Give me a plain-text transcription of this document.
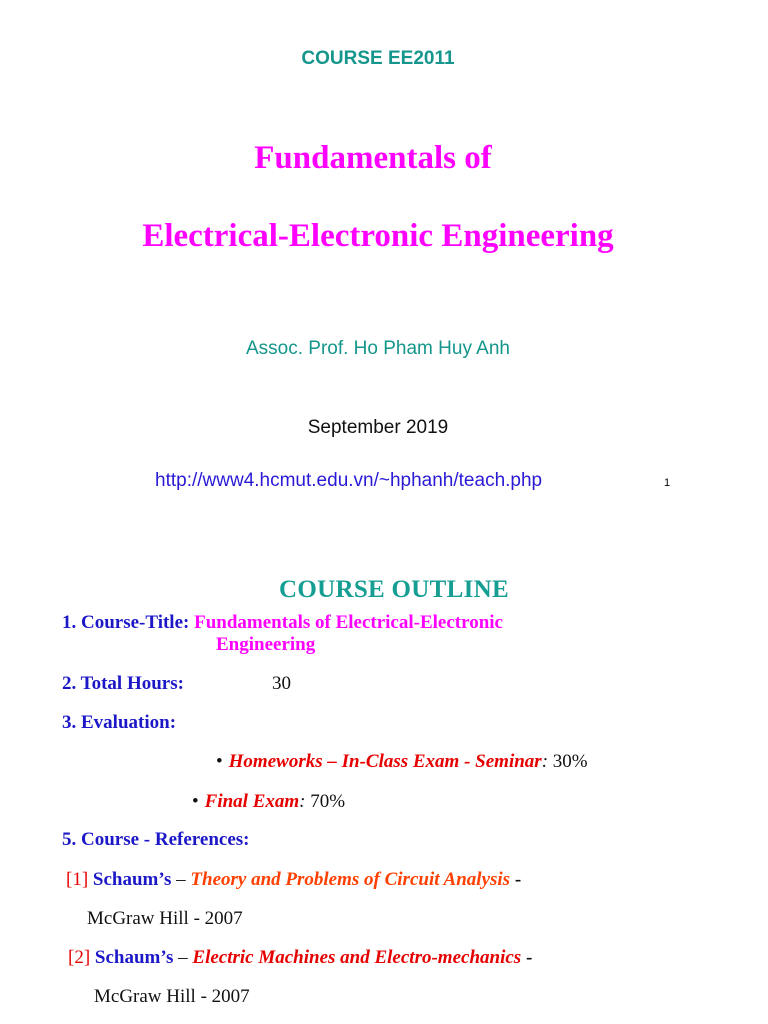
COURSE EE2011
Fundamentals of
Electrical-Electronic Engineering
Assoc. Prof. Ho Pham Huy Anh
September 2019
http://www4.hcmut.edu.vn/~hphanh/teach.php	1
COURSE OUTLINE
1. Course-Title: Fundamentals of Electrical-Electronic
Engineering
2. Total Hours:	30
3. Evaluation:
• Homeworks – In-Class Exam - Seminar: 30%
• Final Exam: 70%
5. Course - References:
[1] Schaum’s – Theory and Problems of Circuit Analysis -
McGraw Hill - 2007
[2] Schaum’s – Electric Machines and Electro-mechanics -
McGraw Hill - 2007
